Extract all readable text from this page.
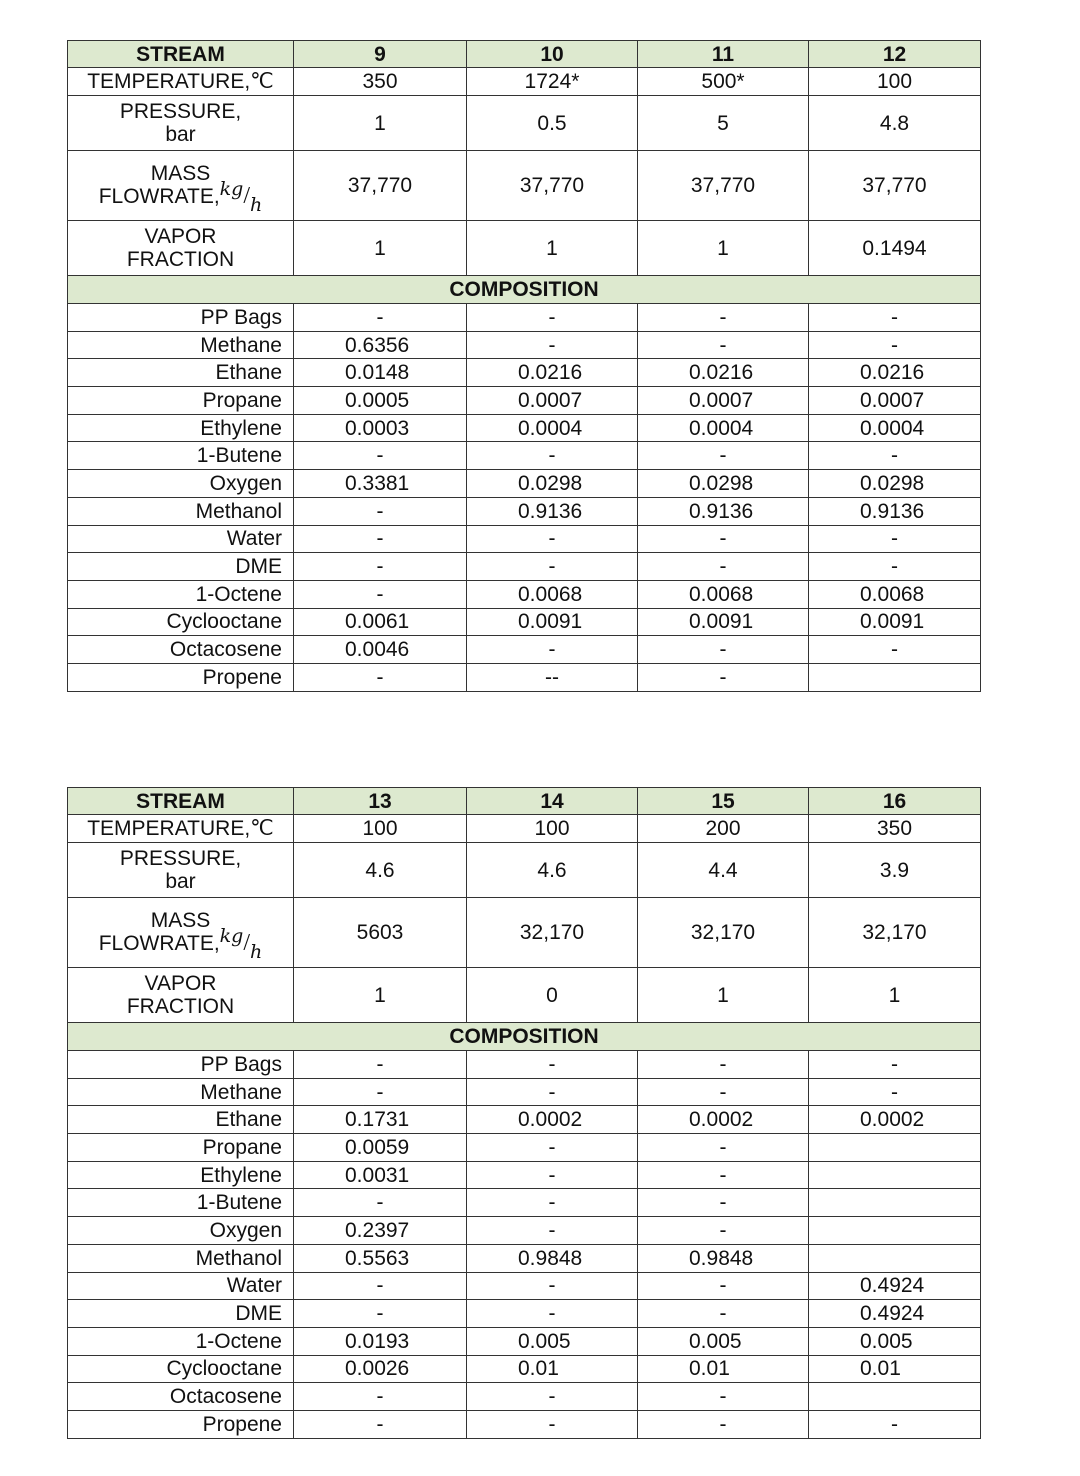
STREAM	9	10	11	12
TEMPERATURE,℃	350	1724*	500*	100
PRESSURE,
bar	1	0.5	5	4.8
MASS
FLOWRATE,kg/h	37,770	37,770	37,770	37,770
VAPOR
FRACTION	1	1	1	0.1494
COMPOSITION				
PP Bags	-	-	-	-
Methane	0.6356	-	-	-
Ethane	0.0148	0.0216	0.0216	0.0216
Propane	0.0005	0.0007	0.0007	0.0007
Ethylene	0.0003	0.0004	0.0004	0.0004
1-Butene	-	-	-	-
Oxygen	0.3381	0.0298	0.0298	0.0298
Methanol	-	0.9136	0.9136	0.9136
Water	-	-	-	-
DME	-	-	-	-
1-Octene	-	0.0068	0.0068	0.0068
Cyclooctane	0.0061	0.0091	0.0091	0.0091
Octacosene	0.0046	-	-	-
Propene	-	--	-	
STREAM	13	14	15	16
TEMPERATURE,℃	100	100	200	350
PRESSURE,
bar	4.6	4.6	4.4	3.9
MASS
FLOWRATE,kg/h	5603	32,170	32,170	32,170
VAPOR
FRACTION	1	0	1	1
COMPOSITION				
PP Bags	-	-	-	-
Methane	-	-	-	-
Ethane	0.1731	0.0002	0.0002	0.0002
Propane	0.0059	-	-	
Ethylene	0.0031	-	-	
1-Butene	-	-	-	
Oxygen	0.2397	-	-	
Methanol	0.5563	0.9848	0.9848	
Water	-	-	-	0.4924
DME	-	-	-	0.4924
1-Octene	0.0193	0.005	0.005	0.005
Cyclooctane	0.0026	0.01	0.01	0.01
Octacosene	-	-	-	
Propene	-	-	-	-
